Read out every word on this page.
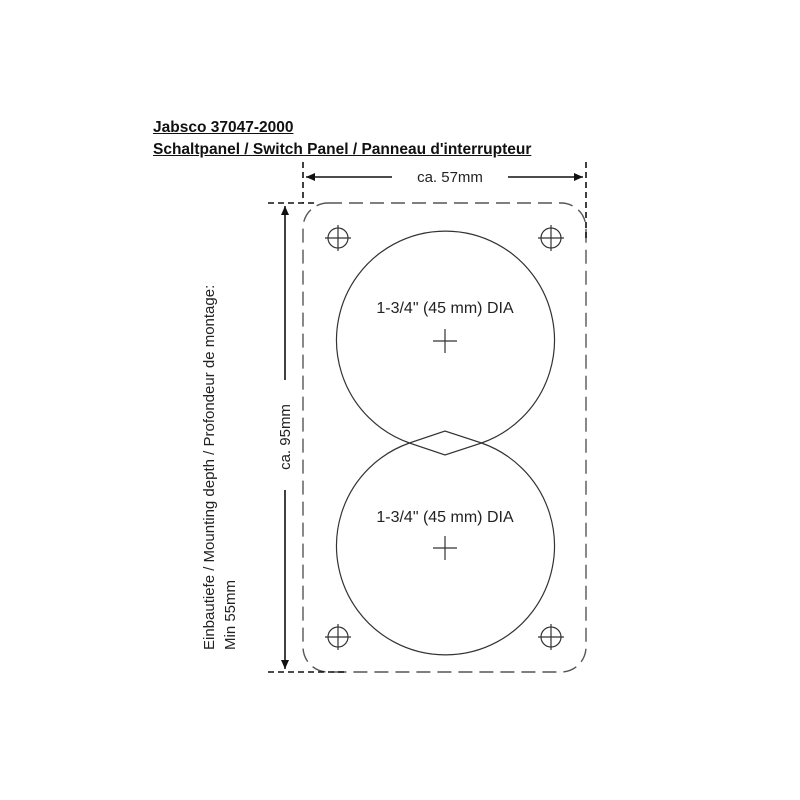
Jabsco 37047-2000
Schaltpanel / Switch Panel / Panneau d'interrupteur
ca. 57mm
ca. 95mm
1-3/4" (45 mm) DIA
1-3/4" (45 mm) DIA
Einbautiefe / Mounting depth / Profondeur de montage: Min 55mm
